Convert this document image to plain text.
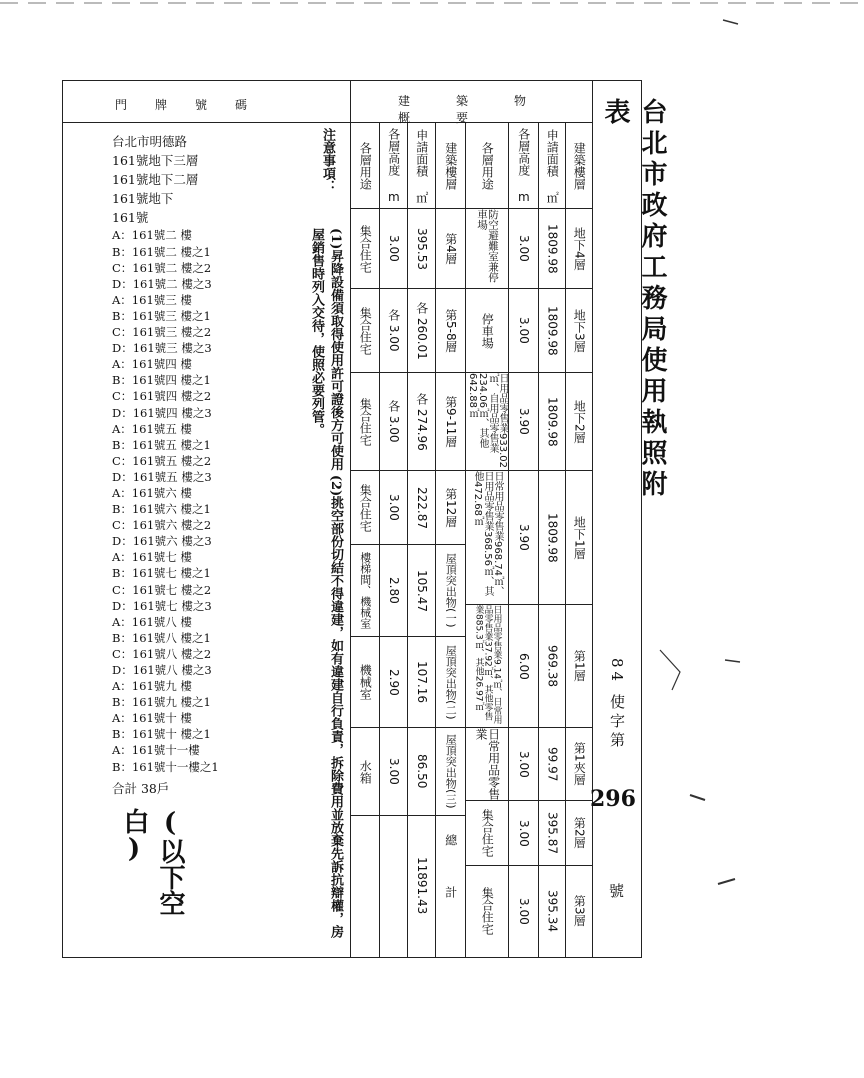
台北市政府工務局使用執照附表
84 使字第
296
號
建築物概要
門牌號碼
建築樓層
申請面積 ㎡
各層高度 m
各層用途
建築樓層
申請面積 ㎡
各層高度 m
各層用途
地下4層
1809.98
3.00
防空避難室兼停車場
地下3層
1809.98
3.00
停車場
地下2層
1809.98
3.90
日用品零售業933.02㎡、自用品零售業234.06㎡、其他642.88㎡
地下1層
1809.98
3.90
日常用品零售業968.74㎡、日用品零售業368.56㎡、其他472.68㎡
第1層
969.38
6.00
日用品零售業9.14㎡、日常用品零售業37.92㎡、其他零售業885.3㎡、其他26.97㎡
第1夾層
99.97
3.00
日常用品零售業
第2層
395.87
3.00
集合住宅
第3層
395.34
3.00
集合住宅
第4層
395.53
3.00
集合住宅
第5-8層
各 260.01
各 3.00
集合住宅
第9-11層
各 274.96
各 3.00
集合住宅
第12層
222.87
3.00
集合住宅
屋頂突出物(一)
105.47
2.80
樓梯間、機械室
屋頂突出物(二)
107.16
2.90
機械室
屋頂突出物(三)
86.50
3.00
水箱
總計
11891.43
注意事項：
(1)昇降設備須取得使用許可證後方可使用 (2)挑空部份切結不得違建，如有違建自行負責，拆除費用並放棄先訴抗辯權，房屋銷售時列入交待，使照必要列管。
台北市明德路
161號地下三層
161號地下二層
161號地下
161號
A：161號二 樓
B：161號二 樓之1
C：161號二 樓之2
D：161號二 樓之3
A：161號三 樓
B：161號三 樓之1
C：161號三 樓之2
D：161號三 樓之3
A：161號四 樓
B：161號四 樓之1
C：161號四 樓之2
D：161號四 樓之3
A：161號五 樓
B：161號五 樓之1
C：161號五 樓之2
D：161號五 樓之3
A：161號六 樓
B：161號六 樓之1
C：161號六 樓之2
D：161號六 樓之3
A：161號七 樓
B：161號七 樓之1
C：161號七 樓之2
D：161號七 樓之3
A：161號八 樓
B：161號八 樓之1
C：161號八 樓之2
D：161號八 樓之3
A：161號九 樓
B：161號九 樓之1
A：161號十 樓
B：161號十 樓之1
A：161號十一樓
B：161號十一樓之1
合計 38戶
(以下空白)
